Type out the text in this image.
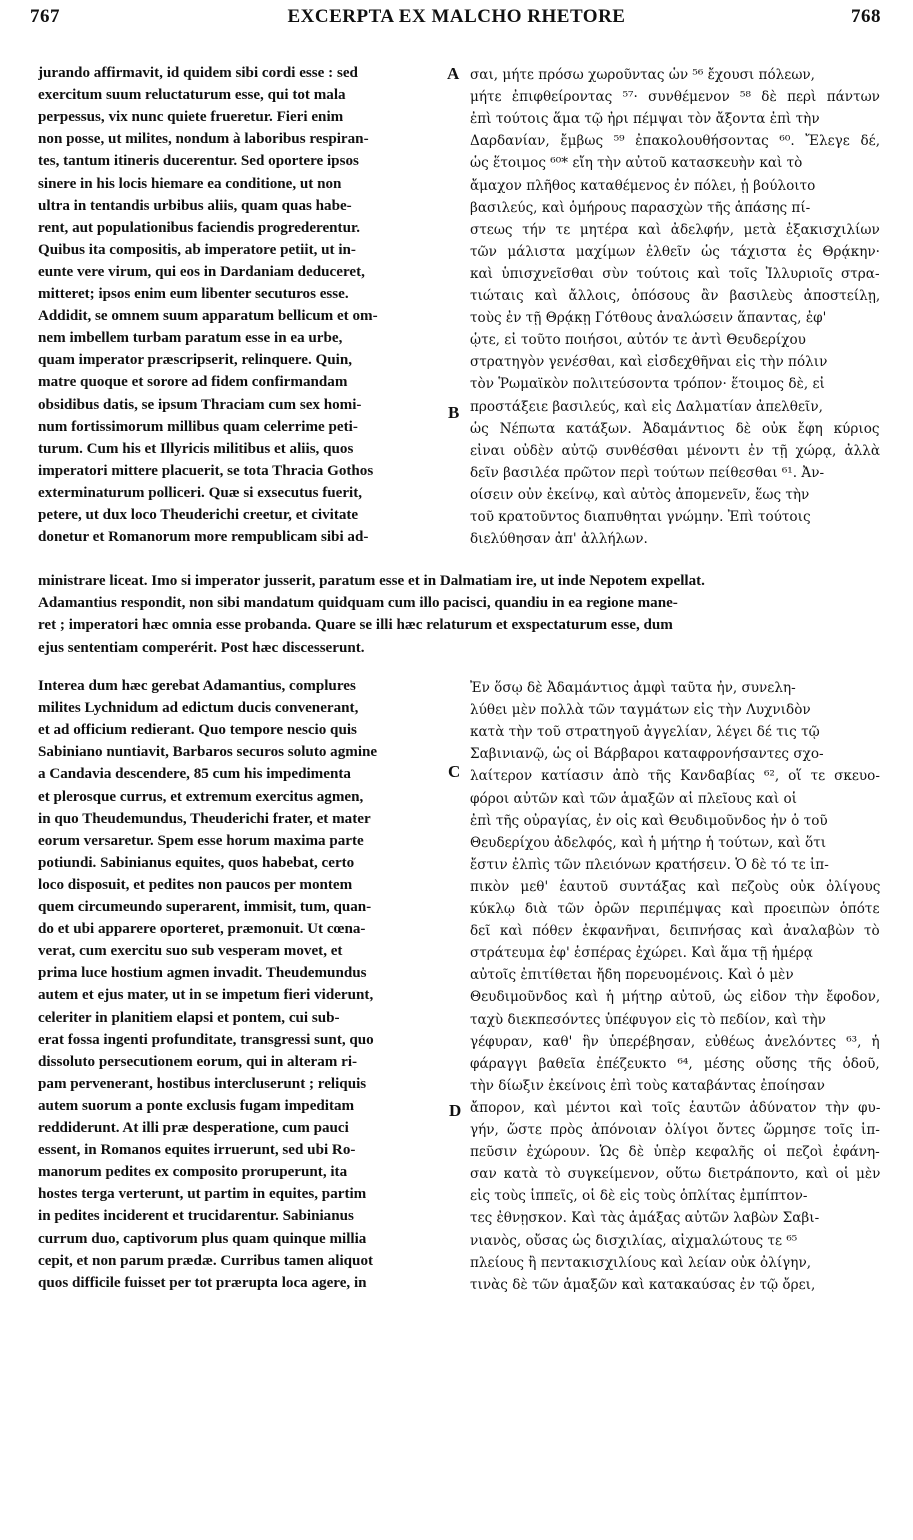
767	EXCERPTA EX MALCHO RHETORE	768
jurando affirmavit, id quidem sibi cordi esse : sed
exercitum suum reluctaturum esse, qui tot mala
perpessus, vix nunc quiete frueretur. Fieri enim
non posse, ut milites, nondum à laboribus respiran-
tes, tantum itineris ducerentur. Sed oportere ipsos
sinere in his locis hiemare ea conditione, ut non
ultra in tentandis urbibus aliis, quam quas habe-
rent, aut populationibus faciendis progrederentur.
Quibus ita compositis, ab imperatore petiit, ut in-
eunte vere virum, qui eos in Dardaniam deduceret,
mitteret; ipsos enim eum libenter secuturos esse.
Addidit, se omnem suum apparatum bellicum et om-
nem imbellem turbam paratum esse in ea urbe,
quam imperator præscripserit, relinquere. Quin,
matre quoque et sorore ad fidem confirmandam
obsidibus datis, se ipsum Thraciam cum sex homi-
num fortissimorum millibus quam celerrime peti-
turum. Cum his et Illyricis militibus et aliis, quos
imperatori mittere placuerit, se tota Thracia Gothos
exterminaturum polliceri. Quæ si exsecutus fuerit,
petere, ut dux loco Theuderichi creetur, et civitate
donetur et Romanorum more rempublicam sibi ad-
σαι, μήτε πρόσω χωροῦντας ὧν ⁵⁶ ἔχουσι πόλεων,
μήτε ἐπιφθείροντας ⁵⁷· συνθέμενον ⁵⁸ δὲ περὶ πάντων
ἐπὶ τούτοις ἅμα τῷ ἦρι πέμψαι τὸν ἄξοντα ἐπὶ τὴν
Δαρδανίαν, ἔμβως ⁵⁹ ἐπακολουθήσοντας ⁶⁰. Ἔλεγε δέ,
ὡς ἕτοιμος ⁶⁰* εἴη τὴν αὐτοῦ κατασκευὴν καὶ τὸ
ἄμαχον πλῆθος καταθέμενος ἐν πόλει, ᾗ βούλοιτο
βασιλεύς, καὶ ὁμήρους παρασχὼν τῆς ἁπάσης πί-
στεως τήν τε μητέρα καὶ ἀδελφήν, μετὰ ἑξακισχιλίων
τῶν μάλιστα μαχίμων ἐλθεῖν ὡς τάχιστα ἐς Θρᾴκην·
καὶ ὑπισχνεῖσθαι σὺν τούτοις καὶ τοῖς Ἰλλυριοῖς στρα-
τιώταις καὶ ἄλλοις, ὁπόσους ἂν βασιλεὺς ἀποστείλῃ,
τοὺς ἐν τῇ Θρᾴκῃ Γότθους ἀναλώσειν ἅπαντας, ἐφ'
ᾧτε, εἰ τοῦτο ποιήσοι, αὐτόν τε ἀντὶ Θευδερίχου
στρατηγὸν γενέσθαι, καὶ εἰσδεχθῆναι εἰς τὴν πόλιν
τὸν Ῥωμαϊκὸν πολιτεύσοντα τρόπον· ἕτοιμος δὲ, εἰ
προστάξειε βασιλεύς, καὶ εἰς Δαλματίαν ἀπελθεῖν,
ὡς Νέπωτα κατάξων. Ἀδαμάντιος δὲ οὐκ ἔφη κύριος
εἶναι οὐδὲν αὐτῷ συνθέσθαι μένοντι ἐν τῇ χώρᾳ, ἀλλὰ
δεῖν βασιλέα πρῶτον περὶ τούτων πείθεσθαι ⁶¹. Ἀν-
οίσειν οὖν ἐκείνῳ, καὶ αὐτὸς ἀπομενεῖν, ἕως τὴν
τοῦ κρατοῦντος διαπυθηται γνώμην. Ἐπὶ τούτοις
διελύθησαν ἀπ' ἀλλήλων.
ministrare liceat. Imo si imperator jusserit, paratum esse et in Dalmatiam ire, ut inde Nepotem expellat.
Adamantius respondit, non sibi mandatum quidquam cum illo pacisci, quandiu in ea regione mane-
ret ; imperatori hæc omnia esse probanda. Quare se illi hæc relaturum et exspectaturum esse, dum
ejus sententiam comperérit. Post hæc discesserunt.
Interea dum hæc gerebat Adamantius, complures
milites Lychnidum ad edictum ducis convenerant,
et ad officium redierant. Quo tempore nescio quis
Sabiniano nuntiavit, Barbaros securos soluto agmine
a Candavia descendere, 85 cum his impedimenta
et plerosque currus, et extremum exercitus agmen,
in quo Theudemundus, Theuderichi frater, et mater
eorum versaretur. Spem esse horum maxima parte
potiundi. Sabinianus equites, quos habebat, certo
loco disposuit, et pedites non paucos per montem
quem circumeundo superarent, immisit, tum, quan-
do et ubi apparere oporteret, præmonuit. Ut cœna-
verat, cum exercitu suo sub vesperam movet, et
prima luce hostium agmen invadit. Theudemundus
autem et ejus mater, ut in se impetum fieri viderunt,
celeriter in planitiem elapsi et pontem, cui sub-
erat fossa ingenti profunditate, transgressi sunt, quo
dissoluto persecutionem eorum, qui in alteram ri-
pam pervenerant, hostibus intercluserunt ; reliquis
autem suorum a ponte exclusis fugam impeditam
reddiderunt. At illi præ desperatione, cum pauci
essent, in Romanos equites irruerunt, sed ubi Ro-
manorum pedites ex composito proruperunt, ita
hostes terga verterunt, ut partim in equites, partim
in pedites inciderent et trucidarentur. Sabinianus
currum duo, captivorum plus quam quinque millia
cepit, et non parum prædæ. Curribus tamen aliquot
quos difficile fuisset per tot prærupta loca agere, in
Ἐν ὅσῳ δὲ Ἀδαμάντιος ἀμφὶ ταῦτα ἦν, συνελη-
λύθει μὲν πολλὰ τῶν ταγμάτων εἰς τὴν Λυχνιδὸν
κατὰ τὴν τοῦ στρατηγοῦ ἀγγελίαν, λέγει δέ τις τῷ
Σαβινιανῷ, ὡς οἱ Βάρβαροι καταφρονήσαντες σχο-
λαίτερον κατίασιν ἀπὸ τῆς Κανδαβίας ⁶², οἵ τε σκευο-
φόροι αὐτῶν καὶ τῶν ἁμαξῶν αἱ πλεῖους καὶ οἱ
ἐπὶ τῆς οὐραγίας, ἐν οἷς καὶ Θευδιμοῦνδος ἦν ὁ τοῦ
Θευδερίχου ἀδελφός, καὶ ἡ μήτηρ ἡ τούτων, καὶ ὅτι
ἔστιν ἐλπὶς τῶν πλειόνων κρατήσειν. Ὁ δὲ τό τε ἱπ-
πικὸν μεθ' ἑαυτοῦ συντάξας καὶ πεζοὺς οὐκ ὀλίγους
κύκλῳ διὰ τῶν ὀρῶν περιπέμψας καὶ προειπὼν ὁπότε
δεῖ καὶ πόθεν ἐκφανῆναι, δειπνήσας καὶ ἀναλαβὼν τὸ
στράτευμα ἐφ' ἑσπέρας ἐχώρει. Καὶ ἅμα τῇ ἡμέρᾳ
αὐτοῖς ἐπιτίθεται ἤδη πορευομένοις. Καὶ ὁ μὲν
Θευδιμοῦνδος καὶ ἡ μήτηρ αὐτοῦ, ὡς εἶδον τὴν ἔφοδον,
ταχὺ διεκπεσόντες ὑπέφυγον εἰς τὸ πεδίον, καὶ τὴν
γέφυραν, καθ' ἣν ὑπερέβησαν, εὐθέως ἀνελόντες ⁶³, ἧ
φάραγγι βαθεῖα ἐπέζευκτο ⁶⁴, μέσης οὔσης τῆς ὁδοῦ,
τὴν δίωξιν ἐκείνοις ἐπὶ τοὺς καταβάντας ἐποίησαν
ἄπορον, καὶ μέντοι καὶ τοῖς ἑαυτῶν ἀδύνατον τὴν φυ-
γήν, ὥστε πρὸς ἀπόνοιαν ὀλίγοι ὄντες ὥρμησε τοῖς ἱπ-
πεῦσιν ἐχώρουν. Ὡς δὲ ὑπὲρ κεφαλῆς οἱ πεζοὶ ἐφάνη-
σαν κατὰ τὸ συγκείμενον, οὕτω διετράποντο, καὶ οἱ μὲν
εἰς τοὺς ἱππεῖς, οἱ δὲ εἰς τοὺς ὁπλίτας ἐμπίπτον-
τες ἐθνῃσκον. Καὶ τὰς ἁμάξας αὐτῶν λαβὼν Σαβι-
νιανὸς, οὔσας ὡς δισχιλίας, αἰχμαλώτους τε ⁶⁵
πλείους ἢ πεντακισχιλίους καὶ λείαν οὐκ ὀλίγην,
τινὰς δὲ τῶν ἁμαξῶν καὶ κατακαύσας ἐν τῷ ὄρει,
A
B
C
D
